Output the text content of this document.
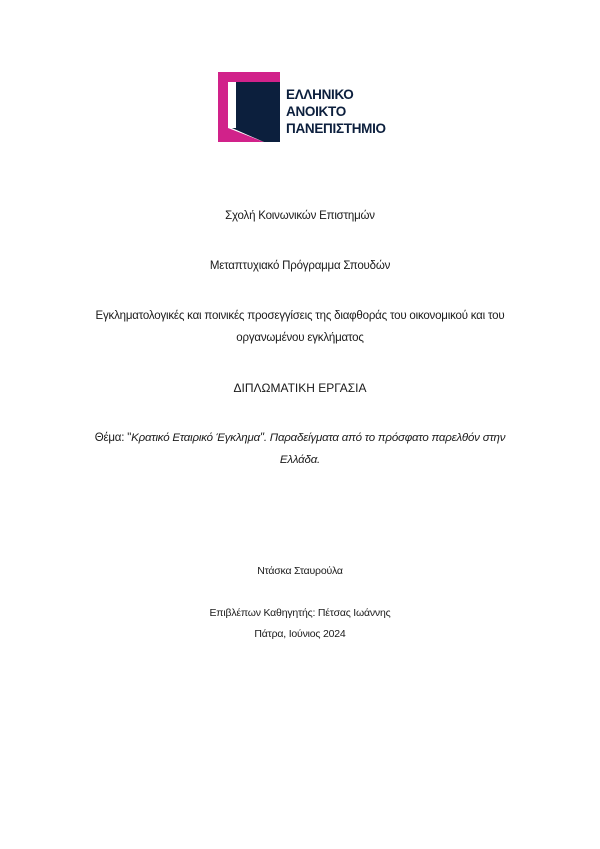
ΕΛΛΗΝΙΚΟ
ΑΝΟΙΚΤΟ
ΠΑΝΕΠΙΣΤΗΜΙΟ
Σχολή Κοινωνικών Επιστημών
Μεταπτυχιακό Πρόγραμμα Σπουδών
Εγκληματολογικές και ποινικές προσεγγίσεις της διαφθοράς του οικονομικού και του
οργανωμένου εγκλήματος
ΔΙΠΛΩΜΑΤΙΚΗ ΕΡΓΑΣΙΑ
Θέμα: "Κρατικό Εταιρικό Έγκλημα". Παραδείγματα από το πρόσφατο παρελθόν στην
Ελλάδα.
Ντάσκα Σταυρούλα
Επιβλέπων Καθηγητής: Πέτσας Ιωάννης
Πάτρα, Ιούνιος 2024
